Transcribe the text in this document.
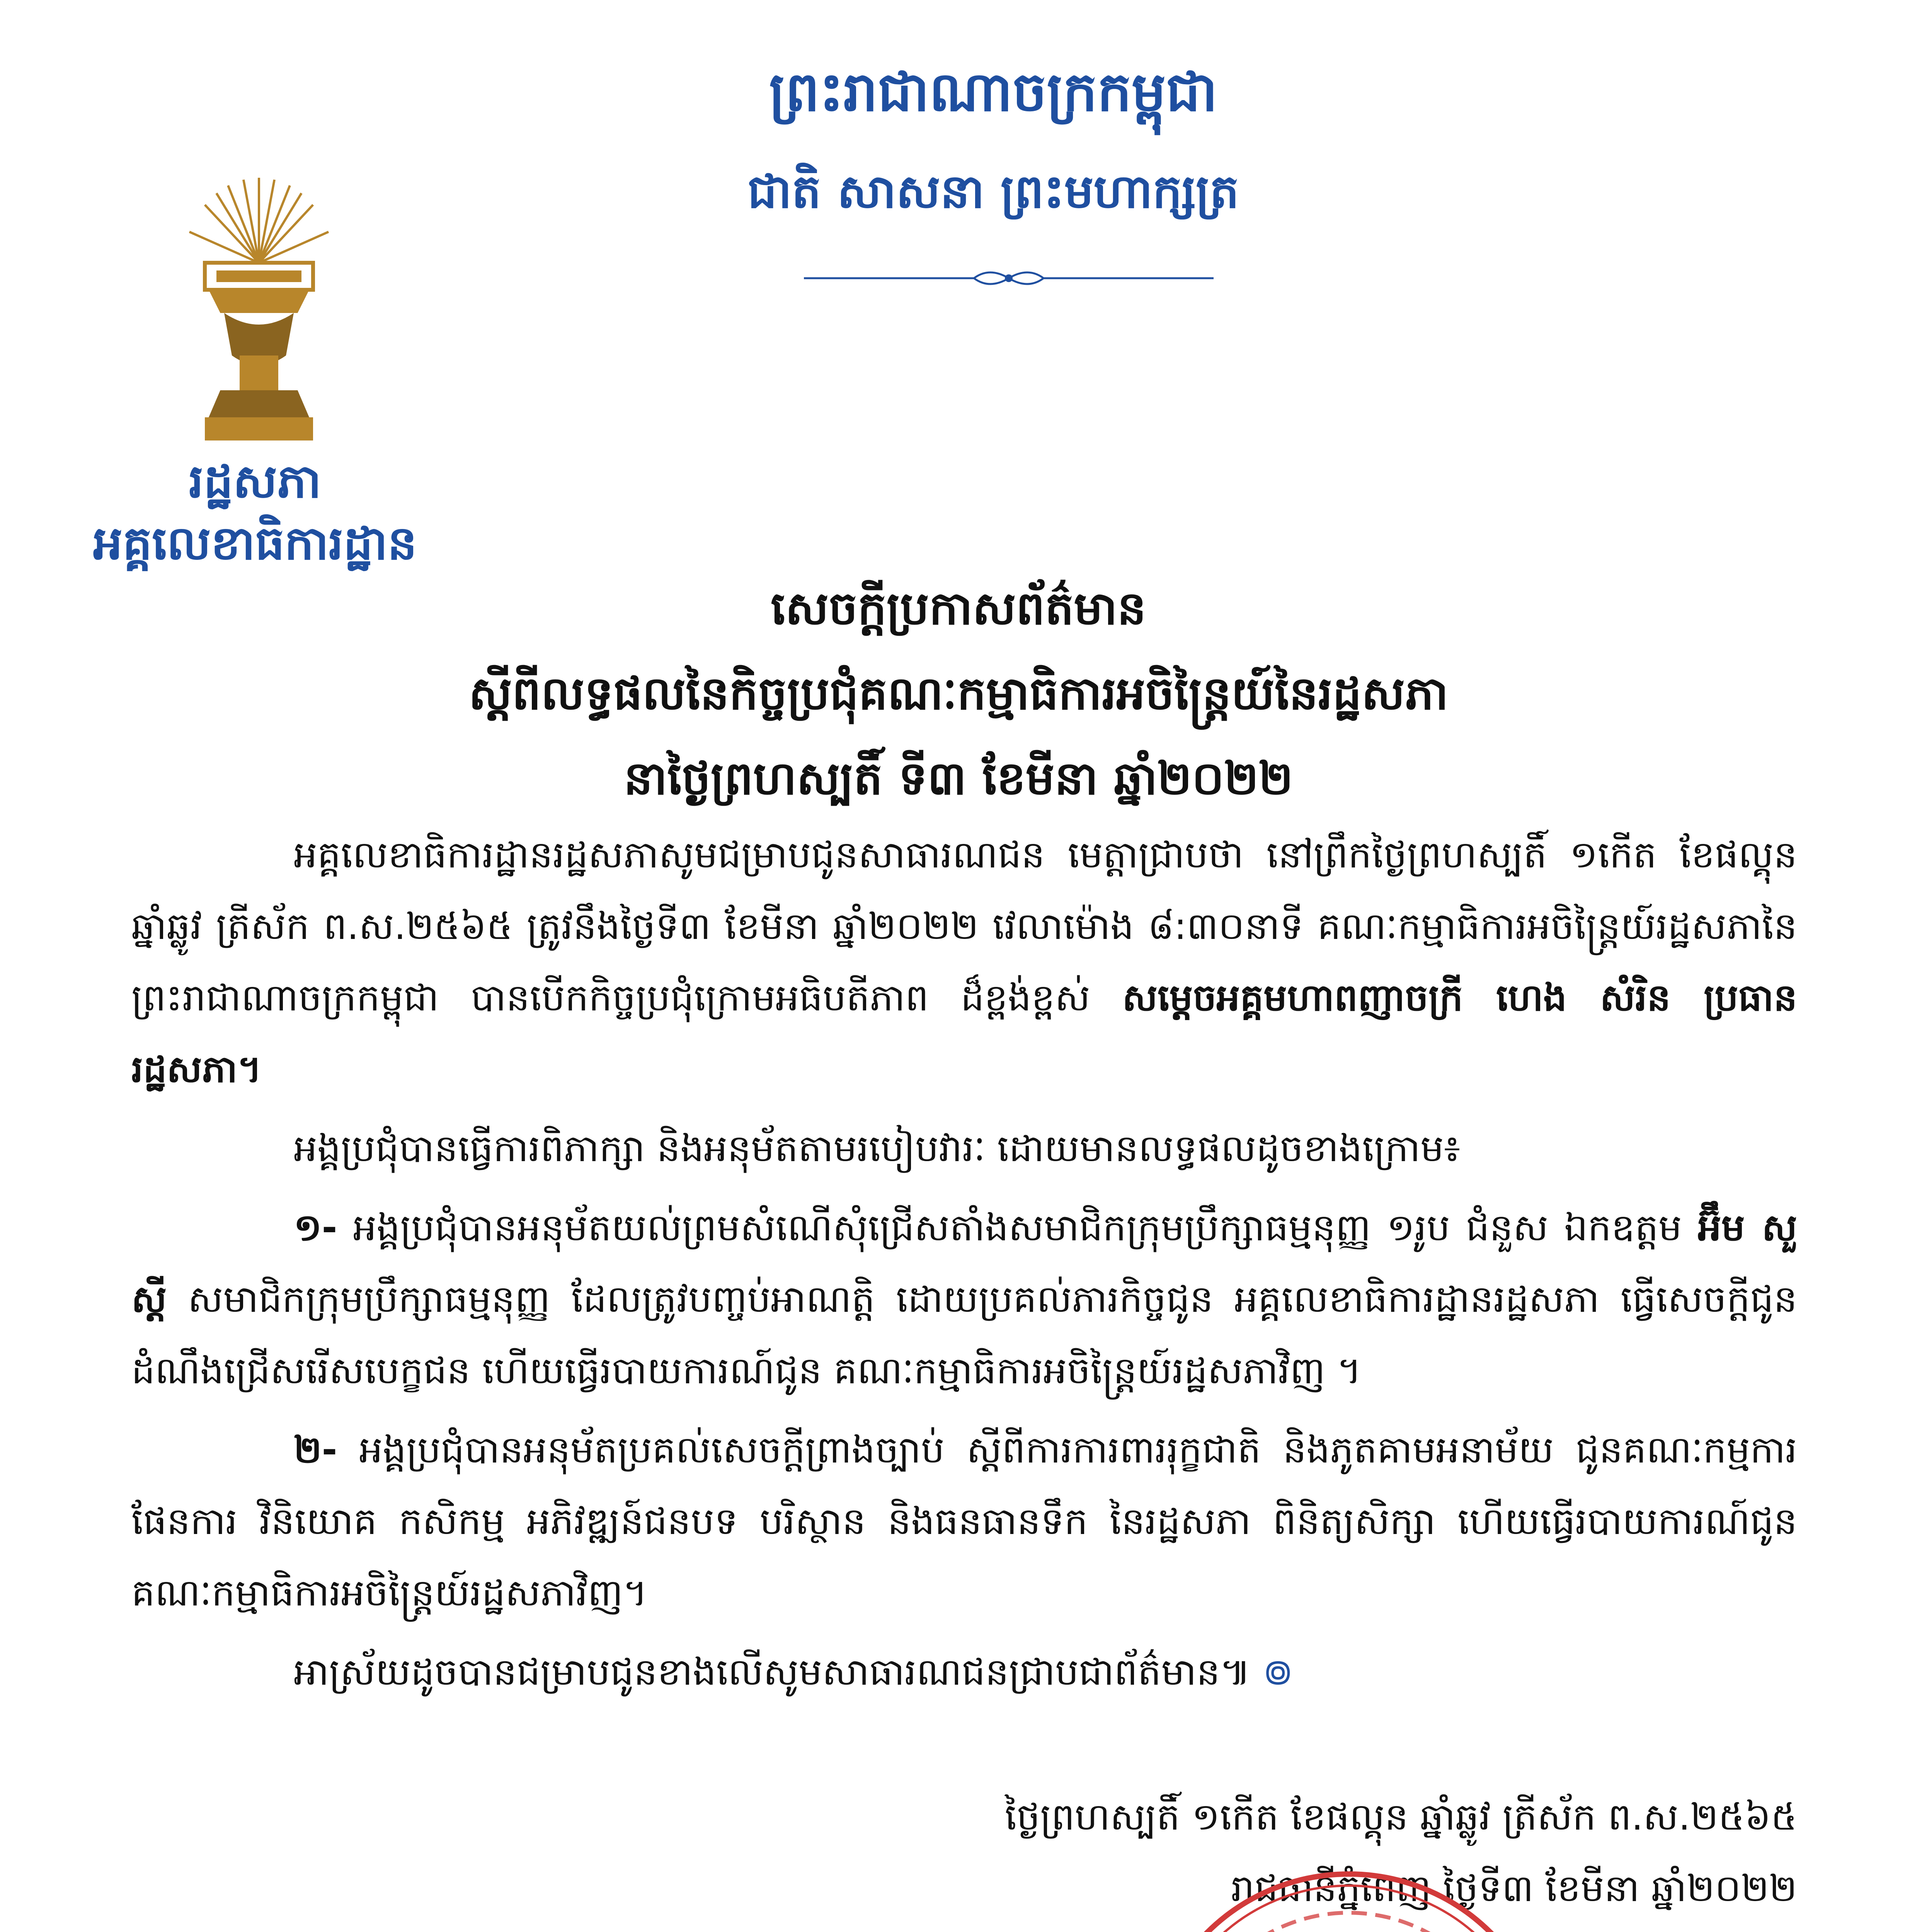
ព្រះរាជាណាចក្រកម្ពុជា
ជាតិ សាសនា ព្រះមហាក្សត្រ
រដ្ឋសភា
អគ្គលេខាធិការដ្ឋាន
សេចក្តីប្រកាសព័ត៌មាន
ស្តីពីលទ្ធផលនៃកិច្ចប្រជុំគណៈកម្មាធិការអចិន្ត្រៃយ៍នៃរដ្ឋសភា
នាថ្ងៃព្រហស្បតិ៍ ទី៣ ខែមីនា ឆ្នាំ២០២២

អគ្គលេខាធិការដ្ឋានរដ្ឋសភាសូមជម្រាបជូនសាធារណជន មេត្តាជ្រាបថា នៅព្រឹកថ្ងៃព្រហស្បតិ៍ ១កើត ខែផល្គុន ឆ្នាំឆ្លូវ ត្រីស័ក ព.ស.២៥៦៥ ត្រូវនឹងថ្ងៃទី៣ ខែមីនា ឆ្នាំ២០២២ វេលាម៉ោង ៨:៣០នាទី គណៈកម្មាធិការអចិន្ត្រៃយ៍រដ្ឋសភានៃព្រះរាជាណាចក្រកម្ពុជា បានបើកកិច្ចប្រជុំក្រោមអធិបតីភាព ដ៏ខ្ពង់ខ្ពស់ សម្តេចអគ្គមហាពញាចក្រី ហេង សំរិន ប្រធានរដ្ឋសភា។

អង្គប្រជុំបានធ្វើការពិភាក្សា និងអនុម័តតាមរបៀបវារៈ ដោយមានលទ្ធផលដូចខាងក្រោម៖

១- អង្គប្រជុំបានអនុម័តយល់ព្រមសំណើសុំជ្រើសតាំងសមាជិកក្រុមប្រឹក្សាធម្មនុញ្ញ ១រូប ជំនួស ឯកឧត្តម អ៊ឹម សួស្តី សមាជិកក្រុមប្រឹក្សាធម្មនុញ្ញ ដែលត្រូវបញ្ចប់អាណត្តិ ដោយប្រគល់ភារកិច្ចជូន អគ្គលេខាធិការដ្ឋានរដ្ឋសភា ធ្វើសេចក្តីជូនដំណឹងជ្រើសរើសបេក្ខជន ហើយធ្វើរបាយការណ៍ជូន គណៈកម្មាធិការអចិន្ត្រៃយ៍រដ្ឋសភាវិញ ។

២- អង្គប្រជុំបានអនុម័តប្រគល់សេចក្តីព្រាងច្បាប់ ស្តីពីការការពាររុក្ខជាតិ និងភូតគាមអនាម័យ ជូនគណៈកម្មការផែនការ វិនិយោគ កសិកម្ម អភិវឌ្ឍន៍ជនបទ បរិស្ថាន និងធនធានទឹក នៃរដ្ឋសភា ពិនិត្យសិក្សា ហើយធ្វើរបាយការណ៍ជូនគណៈកម្មាធិការអចិន្ត្រៃយ៍រដ្ឋសភាវិញ។

អាស្រ័យដូចបានជម្រាបជូនខាងលើសូមសាធារណជនជ្រាបជាព័ត៌មាន៕ ៙

ថ្ងៃព្រហស្បតិ៍ ១កើត ខែផល្គុន ឆ្នាំឆ្លូវ ត្រីស័ក ព.ស.២៥៦៥
រាជធានីភ្នំពេញ ថ្ងៃទី៣ ខែមីនា ឆ្នាំ២០២២
